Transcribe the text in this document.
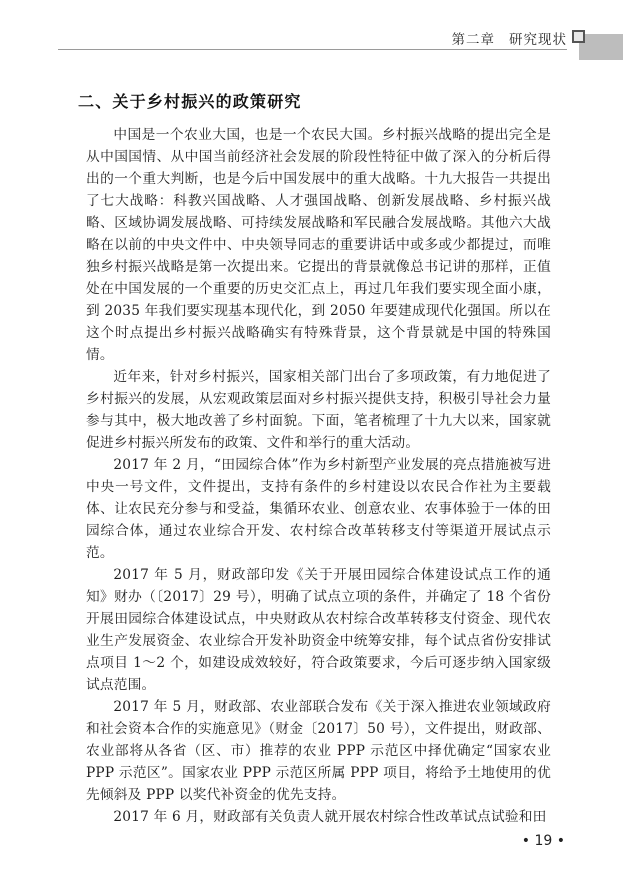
第二章 研究现状
二、关于乡村振兴的政策研究

中国是一个农业大国，也是一个农民大国。乡村振兴战略的提出完全是从中国国情、从中国当前经济社会发展的阶段性特征中做了深入的分析后得出的一个重大判断，也是今后中国发展中的重大战略。十九大报告一共提出了七大战略：科教兴国战略、人才强国战略、创新发展战略、乡村振兴战略、区域协调发展战略、可持续发展战略和军民融合发展战略。其他六大战略在以前的中央文件中、中央领导同志的重要讲话中或多或少都提过，而唯独乡村振兴战略是第一次提出来。它提出的背景就像总书记讲的那样，正值处在中国发展的一个重要的历史交汇点上，再过几年我们要实现全面小康，到 2035 年我们要实现基本现代化，到 2050 年要建成现代化强国。所以在这个时点提出乡村振兴战略确实有特殊背景，这个背景就是中国的特殊国情。

近年来，针对乡村振兴，国家相关部门出台了多项政策，有力地促进了乡村振兴的发展，从宏观政策层面对乡村振兴提供支持，积极引导社会力量参与其中，极大地改善了乡村面貌。下面，笔者梳理了十九大以来，国家就促进乡村振兴所发布的政策、文件和举行的重大活动。

2017 年 2 月，“田园综合体”作为乡村新型产业发展的亮点措施被写进中央一号文件，文件提出，支持有条件的乡村建设以农民合作社为主要载体、让农民充分参与和受益，集循环农业、创意农业、农事体验于一体的田园综合体，通过农业综合开发、农村综合改革转移支付等渠道开展试点示范。

2017 年 5 月，财政部印发《关于开展田园综合体建设试点工作的通知》财办（〔2017〕29 号），明确了试点立项的条件，并确定了 18 个省份开展田园综合体建设试点，中央财政从农村综合改革转移支付资金、现代农业生产发展资金、农业综合开发补助资金中统筹安排，每个试点省份安排试点项目 1～2 个，如建设成效较好，符合政策要求，今后可逐步纳入国家级试点范围。

2017 年 5 月，财政部、农业部联合发布《关于深入推进农业领域政府和社会资本合作的实施意见》（财金〔2017〕50 号），文件提出，财政部、农业部将从各省（区、市）推荐的农业 PPP 示范区中择优确定“国家农业 PPP 示范区”。国家农业 PPP 示范区所属 PPP 项目，将给予土地使用的优先倾斜及 PPP 以奖代补资金的优先支持。

2017 年 6 月，财政部有关负责人就开展农村综合性改革试点试验和田

• 19 •
